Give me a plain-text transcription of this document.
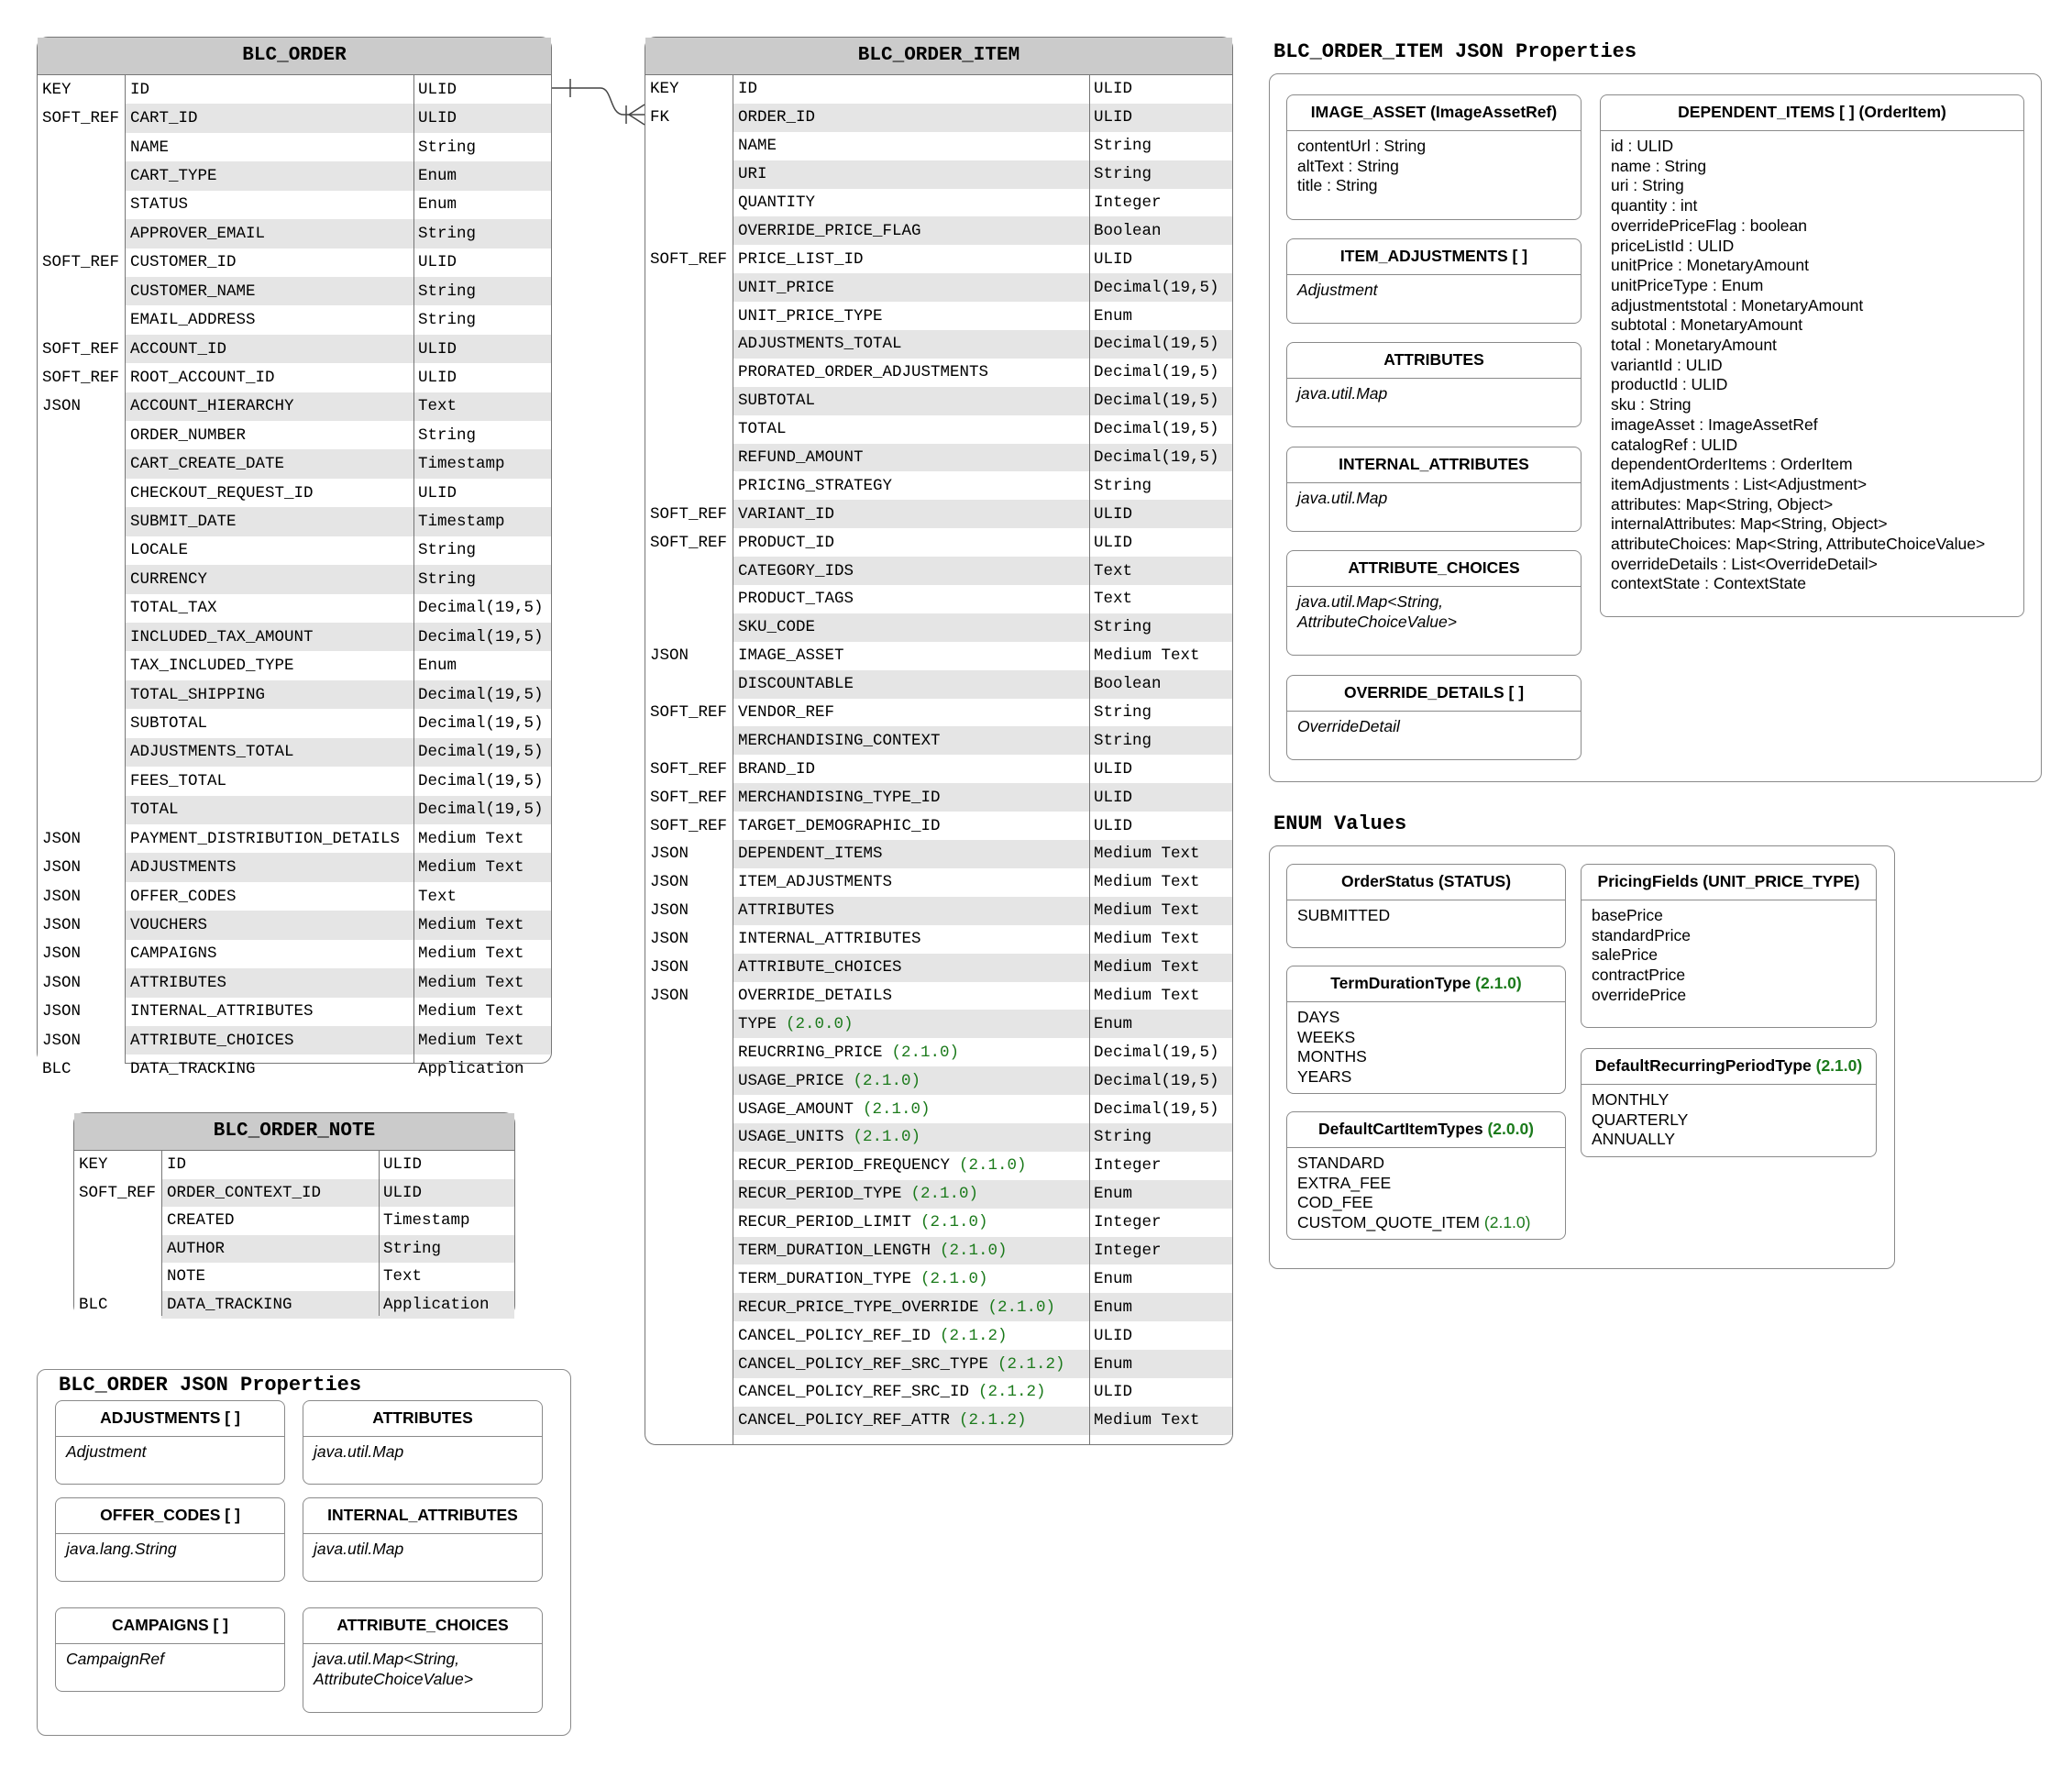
BLC_ORDER
KEY	ID	ULID
SOFT_REF CART_ID	ULID
NAME	String
CART_TYPE	Enum
STATUS	Enum
APPROVER_EMAIL	String
SOFT_REF CUSTOMER_ID	ULID
CUSTOMER_NAME	String
EMAIL_ADDRESS	String
SOFT_REF ACCOUNT_ID	ULID
SOFT_REF ROOT_ACCOUNT_ID	ULID
JSON	ACCOUNT_HIERARCHY	Text
ORDER_NUMBER	String
CART_CREATE_DATE	Timestamp
CHECKOUT_REQUEST_ID	ULID
SUBMIT_DATE	Timestamp
LOCALE	String
CURRENCY	String
TOTAL_TAX	Decimal(19,5)
INCLUDED_TAX_AMOUNT	Decimal(19,5)
TAX_INCLUDED_TYPE	Enum
TOTAL_SHIPPING	Decimal(19,5)
SUBTOTAL	Decimal(19,5)
ADJUSTMENTS_TOTAL	Decimal(19,5)
FEES_TOTAL	Decimal(19,5)
TOTAL	Decimal(19,5)
JSON	PAYMENT_DISTRIBUTION_DETAILS Medium Text
JSON	ADJUSTMENTS	Medium Text
JSON	OFFER_CODES	Text
JSON	VOUCHERS	Medium Text
JSON	CAMPAIGNS	Medium Text
JSON	ATTRIBUTES	Medium Text
JSON	INTERNAL_ATTRIBUTES	Medium Text
JSON	ATTRIBUTE_CHOICES	Medium Text
BLC	DATA_TRACKING	Application
BLC_ORDER_NOTE
KEY	ID	ULID
SOFT_REF ORDER_CONTEXT_ID	ULID
CREATED	Timestamp
AUTHOR	String
NOTE	Text
BLC	DATA_TRACKING	Application
BLC_ORDER_ITEM
KEY	ID	ULID
FK	ORDER_ID	ULID
NAME	String
URI	String
QUANTITY	Integer
OVERRIDE_PRICE_FLAG	Boolean
SOFT_REF PRICE_LIST_ID	ULID
UNIT_PRICE	Decimal(19,5)
UNIT_PRICE_TYPE	Enum
ADJUSTMENTS_TOTAL	Decimal(19,5)
PRORATED_ORDER_ADJUSTMENTS	Decimal(19,5)
SUBTOTAL	Decimal(19,5)
TOTAL	Decimal(19,5)
REFUND_AMOUNT	Decimal(19,5)
PRICING_STRATEGY	String
SOFT_REF VARIANT_ID	ULID
SOFT_REF PRODUCT_ID	ULID
CATEGORY_IDS	Text
PRODUCT_TAGS	Text
SKU_CODE	String
JSON	IMAGE_ASSET	Medium Text
DISCOUNTABLE	Boolean
SOFT_REF VENDOR_REF	String
MERCHANDISING_CONTEXT	String
SOFT_REF BRAND_ID	ULID
SOFT_REF MERCHANDISING_TYPE_ID	ULID
SOFT_REF TARGET_DEMOGRAPHIC_ID	ULID
JSON	DEPENDENT_ITEMS	Medium Text
JSON	ITEM_ADJUSTMENTS	Medium Text
JSON	ATTRIBUTES	Medium Text
JSON	INTERNAL_ATTRIBUTES	Medium Text
JSON	ATTRIBUTE_CHOICES	Medium Text
JSON	OVERRIDE_DETAILS	Medium Text
TYPE (2.0.0)	Enum
REUCRRING_PRICE (2.1.0)	Decimal(19,5)
USAGE_PRICE (2.1.0)	Decimal(19,5)
USAGE_AMOUNT (2.1.0)	Decimal(19,5)
USAGE_UNITS (2.1.0)	String
RECUR_PERIOD_FREQUENCY (2.1.0)	Integer
RECUR_PERIOD_TYPE (2.1.0)	Enum
RECUR_PERIOD_LIMIT (2.1.0)	Integer
TERM_DURATION_LENGTH (2.1.0)	Integer
TERM_DURATION_TYPE (2.1.0)	Enum
RECUR_PRICE_TYPE_OVERRIDE (2.1.0) Enum
CANCEL_POLICY_REF_ID (2.1.2)	ULID
CANCEL_POLICY_REF_SRC_TYPE (2.1.2) Enum
CANCEL_POLICY_REF_SRC_ID (2.1.2)	ULID
CANCEL_POLICY_REF_ATTR (2.1.2)	Medium Text
BLC_ORDER JSON Properties
ADJUSTMENTS [ ]
Adjustment
ATTRIBUTES
java.util.Map
OFFER_CODES [ ]
java.lang.String
INTERNAL_ATTRIBUTES
java.util.Map
CAMPAIGNS [ ]
CampaignRef
ATTRIBUTE_CHOICES
java.util.Map<String,
AttributeChoiceValue>
BLC_ORDER_ITEM JSON Properties
IMAGE_ASSET (ImageAssetRef)
contentUrl : String
altText : String
title : String
ITEM_ADJUSTMENTS [ ]
Adjustment
ATTRIBUTES
java.util.Map
INTERNAL_ATTRIBUTES
java.util.Map
ATTRIBUTE_CHOICES
java.util.Map<String,
AttributeChoiceValue>
OVERRIDE_DETAILS [ ]
OverrideDetail
DEPENDENT_ITEMS [ ] (OrderItem)
id : ULID
name : String
uri : String
quantity : int
overridePriceFlag : boolean
priceListId : ULID
unitPrice : MonetaryAmount
unitPriceType : Enum
adjustmentstotal : MonetaryAmount
subtotal : MonetaryAmount
total : MonetaryAmount
variantId : ULID
productId : ULID
sku : String
imageAsset : ImageAssetRef
catalogRef : ULID
dependentOrderItems : OrderItem
itemAdjustments : List<Adjustment>
attributes: Map<String, Object>
internalAttributes: Map<String, Object>
attributeChoices: Map<String, AttributeChoiceValue>
overrideDetails : List<OverrideDetail>
contextState : ContextState
ENUM Values
OrderStatus (STATUS)
SUBMITTED
TermDurationType (2.1.0)
DAYS
WEEKS
MONTHS
YEARS
DefaultCartItemTypes (2.0.0)
STANDARD
EXTRA_FEE
COD_FEE
CUSTOM_QUOTE_ITEM (2.1.0)
PricingFields (UNIT_PRICE_TYPE)
basePrice
standardPrice
salePrice
contractPrice
overridePrice
DefaultRecurringPeriodType (2.1.0)
MONTHLY
QUARTERLY
ANNUALLY
